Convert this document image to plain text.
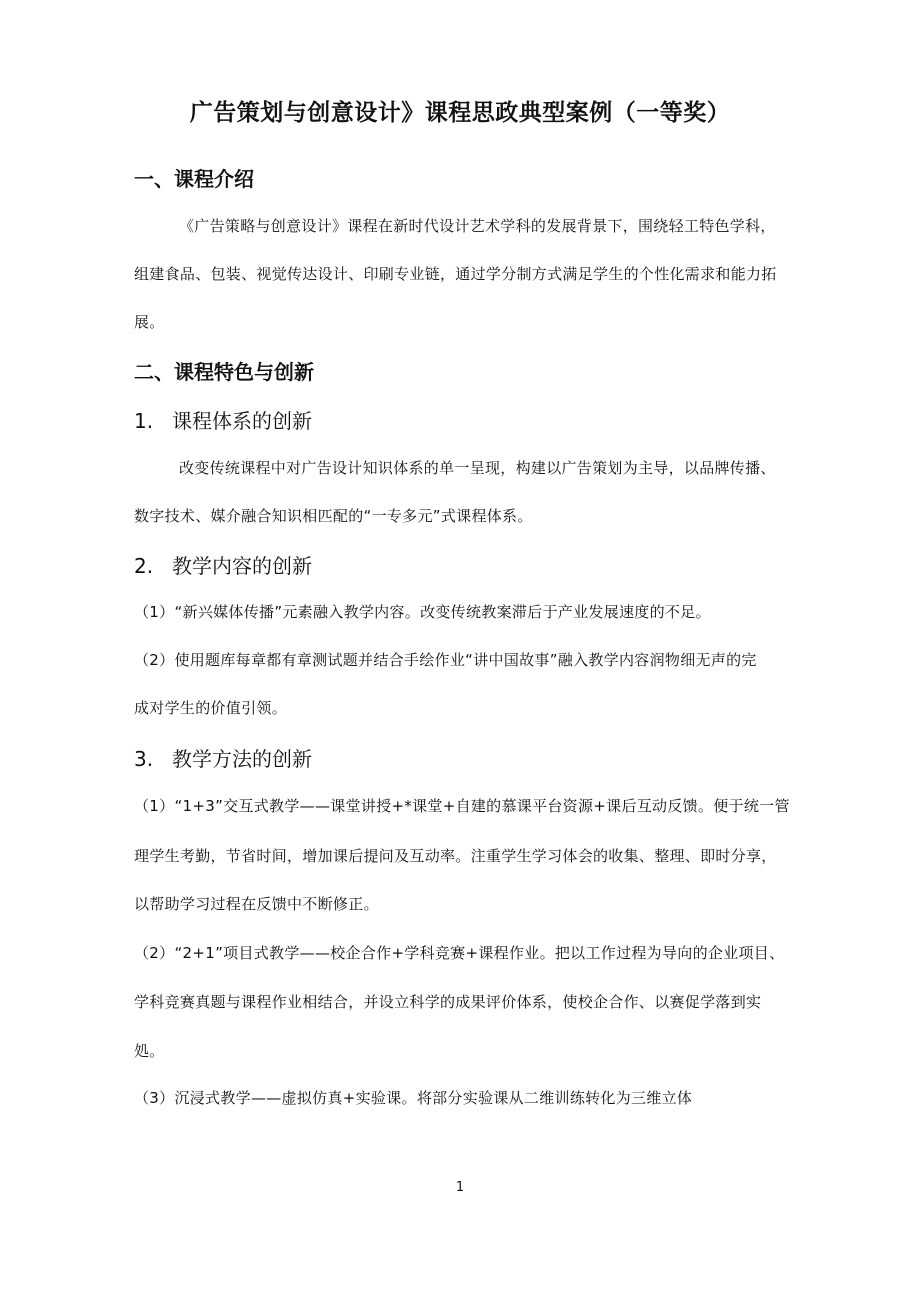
广告策划与创意设计》课程思政典型案例（一等奖）
一、课程介绍
《广告策略与创意设计》课程在新时代设计艺术学科的发展背景下，围绕轻工特色学科，
组建食品、包装、视觉传达设计、印刷专业链，通过学分制方式满足学生的个性化需求和能力拓
展。
二、课程特色与创新
1. 课程体系的创新
改变传统课程中对广告设计知识体系的单一呈现，构建以广告策划为主导，以品牌传播、
数字技术、媒介融合知识相匹配的“一专多元”式课程体系。
2. 教学内容的创新
（1）“新兴媒体传播”元素融入教学内容。改变传统教案滞后于产业发展速度的不足。
（2）使用题库每章都有章测试题并结合手绘作业“讲中国故事”融入教学内容润物细无声的完
成对学生的价值引领。
3. 教学方法的创新
（1）“1+3”交互式教学——课堂讲授+*课堂+自建的慕课平台资源+课后互动反馈。便于统一管
理学生考勤，节省时间，增加课后提问及互动率。注重学生学习体会的收集、整理、即时分享，
以帮助学习过程在反馈中不断修正。
（2）“2+1”项目式教学——校企合作+学科竞赛+课程作业。把以工作过程为导向的企业项目、
学科竞赛真题与课程作业相结合，并设立科学的成果评价体系，使校企合作、以赛促学落到实
処。
（3）沉浸式教学——虚拟仿真+实验课。将部分实验课从二维训练转化为三维立体
1
